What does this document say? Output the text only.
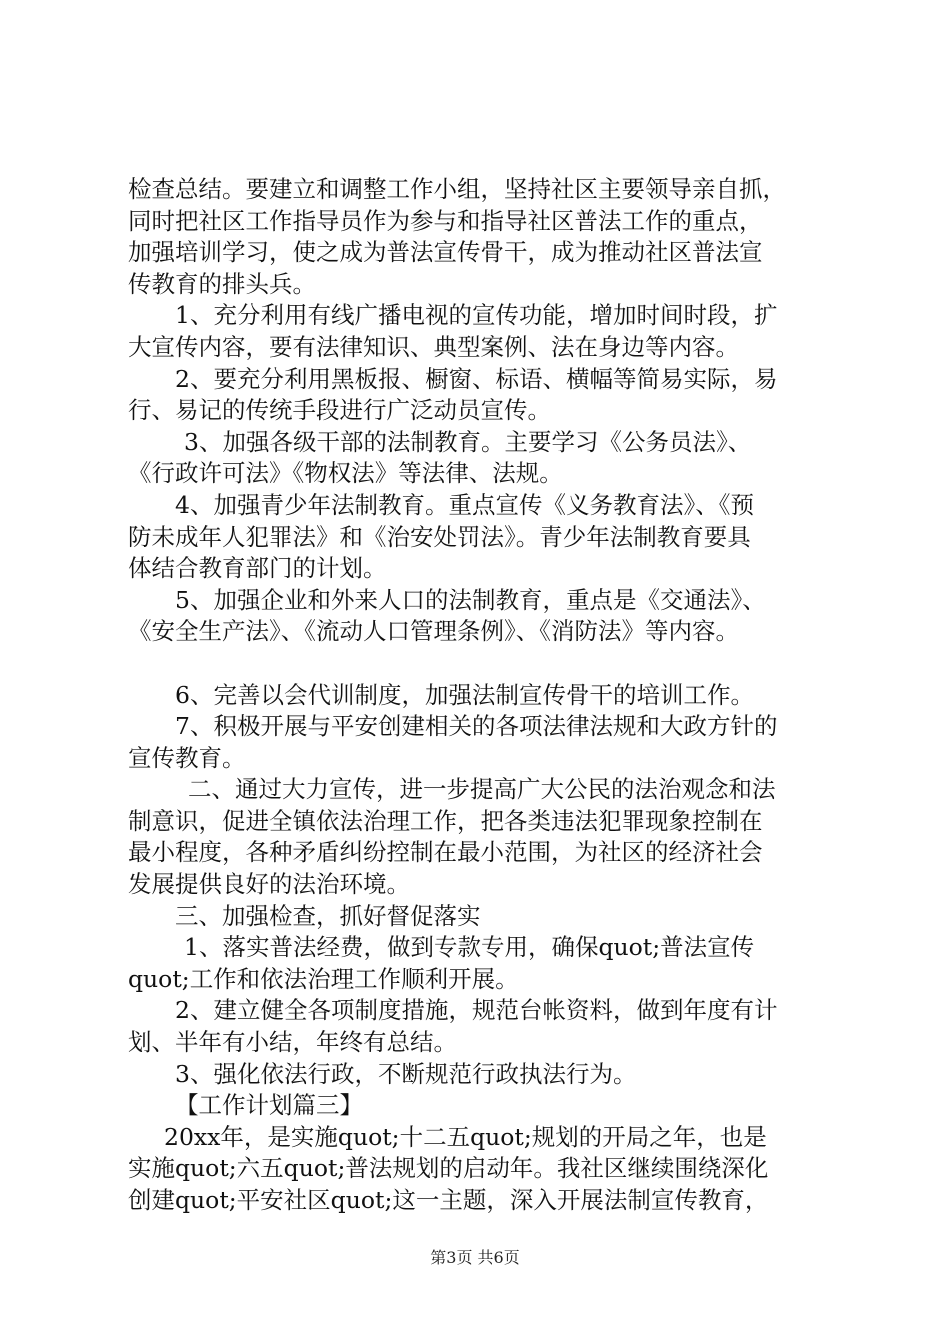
检查总结。要建立和调整工作小组，坚持社区主要领导亲自抓，
同时把社区工作指导员作为参与和指导社区普法工作的重点，
加强培训学习，使之成为普法宣传骨干，成为推动社区普法宣
传教育的排头兵。
1、充分利用有线广播电视的宣传功能，增加时间时段，扩
大宣传内容，要有法律知识、典型案例、法在身边等内容。
2、要充分利用黑板报、橱窗、标语、横幅等简易实际，易
行、易记的传统手段进行广泛动员宣传。
3、加强各级干部的法制教育。主要学习《公务员法》、
《行政许可法》《物权法》等法律、法规。
4、加强青少年法制教育。重点宣传《义务教育法》、《预
防未成年人犯罪法》和《治安处罚法》。青少年法制教育要具
体结合教育部门的计划。
5、加强企业和外来人口的法制教育，重点是《交通法》、
《安全生产法》、《流动人口管理条例》、《消防法》等内容。
6、完善以会代训制度，加强法制宣传骨干的培训工作。
7、积极开展与平安创建相关的各项法律法规和大政方针的
宣传教育。
二、通过大力宣传，进一步提高广大公民的法治观念和法
制意识，促进全镇依法治理工作，把各类违法犯罪现象控制在
最小程度，各种矛盾纠纷控制在最小范围，为社区的经济社会
发展提供良好的法治环境。
三、加强检查，抓好督促落实
1、落实普法经费，做到专款专用，确保quot;普法宣传
quot;工作和依法治理工作顺利开展。
2、建立健全各项制度措施，规范台帐资料，做到年度有计
划、半年有小结，年终有总结。
3、强化依法行政，不断规范行政执法行为。
【工作计划篇三】
20xx年，是实施quot;十二五quot;规划的开局之年，也是
实施quot;六五quot;普法规划的启动年。我社区继续围绕深化
创建quot;平安社区quot;这一主题，深入开展法制宣传教育，
第3页 共6页
